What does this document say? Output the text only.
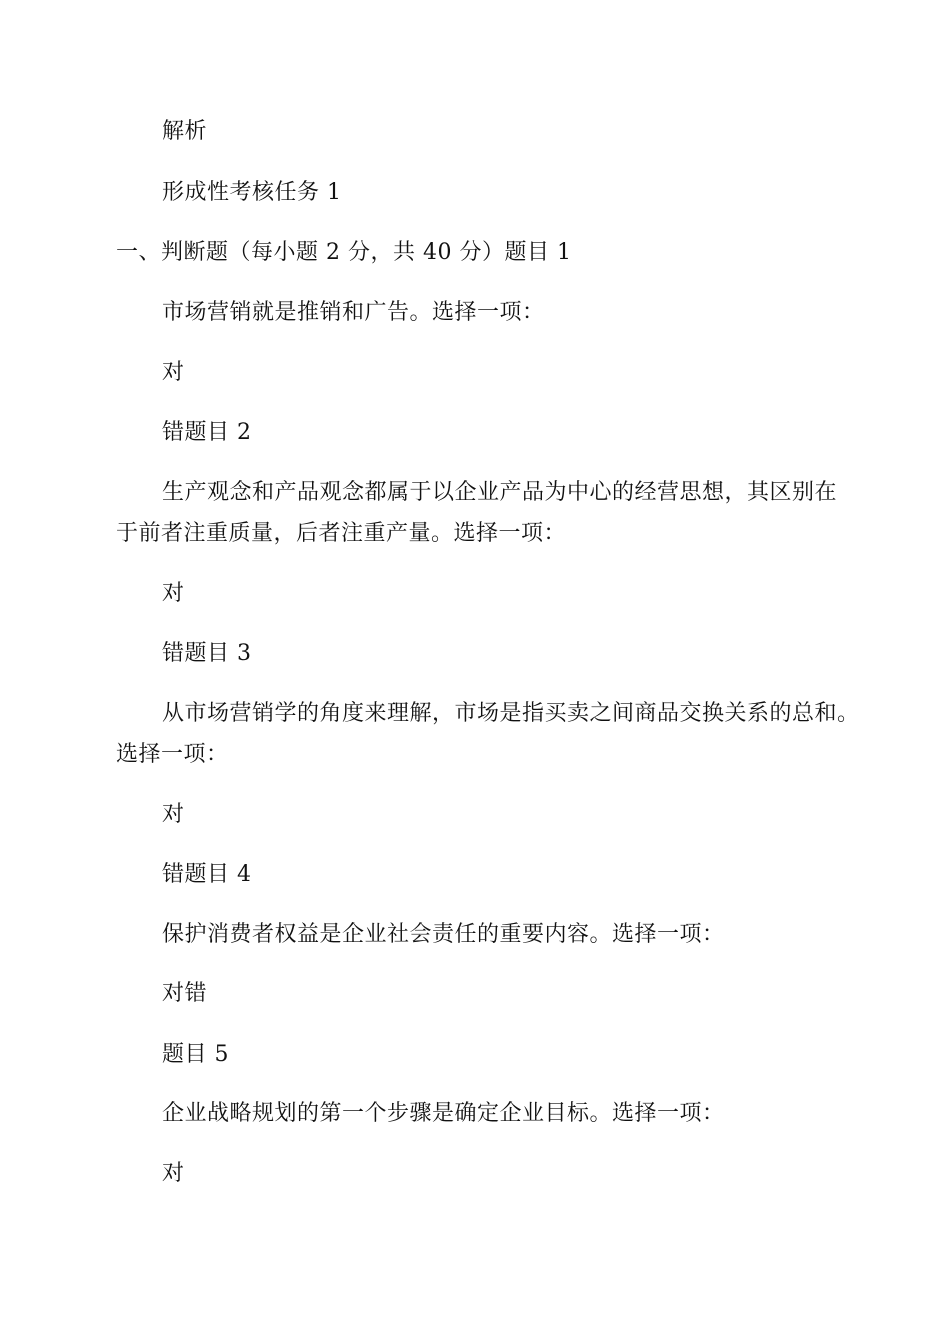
解析
形成性考核任务 1
一、判断题（每小题 2 分，共 40 分）题目 1
市场营销就是推销和广告。选择一项：
对
错题目 2
生产观念和产品观念都属于以企业产品为中心的经营思想，其区别在
于前者注重质量，后者注重产量。选择一项：
对
错题目 3
从市场营销学的角度来理解，市场是指买卖之间商品交换关系的总和。
选择一项：
对
错题目 4
保护消费者权益是企业社会责任的重要内容。选择一项：
对错
题目 5
企业战略规划的第一个步骤是确定企业目标。选择一项：
对
